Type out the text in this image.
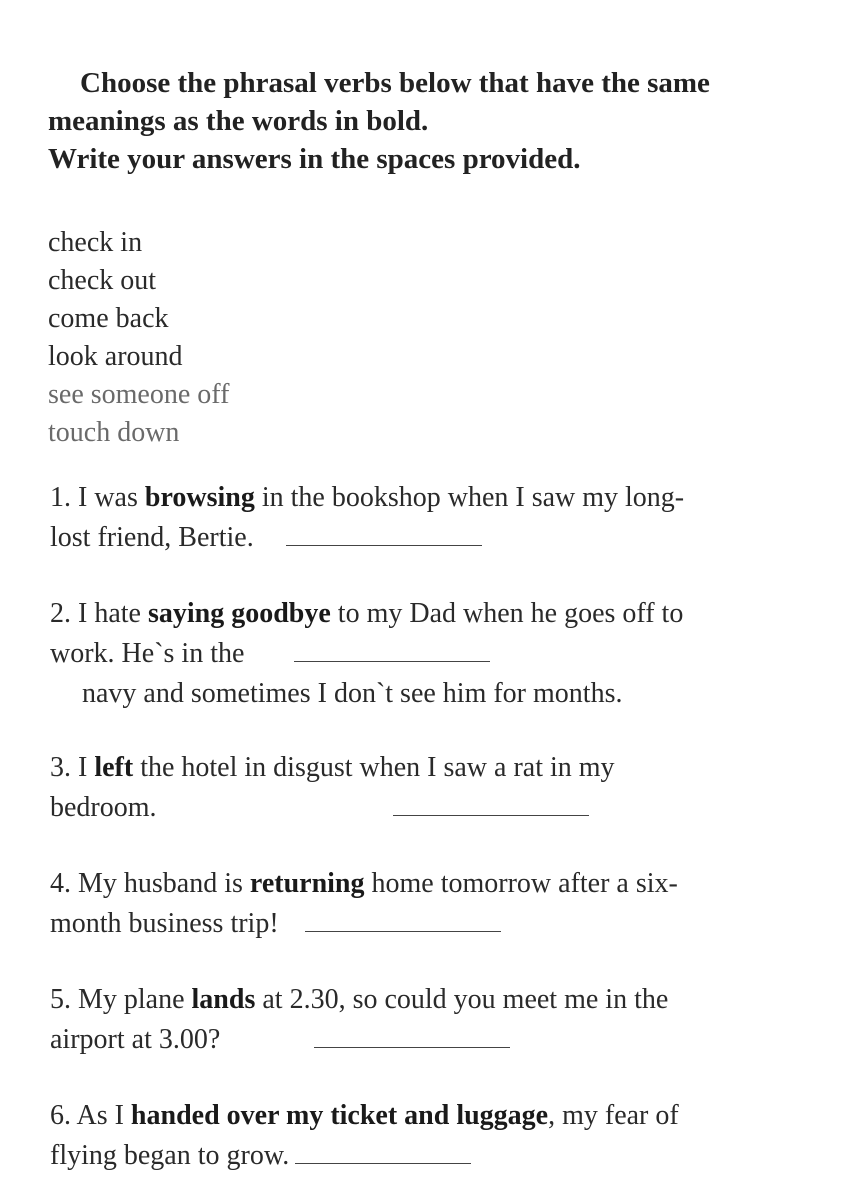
Choose the phrasal verbs below that have the same
meanings as the words in bold.
Write your answers in the spaces provided.
check in
check out
come back
look around
see someone off
touch down
1. I was browsing in the bookshop when I saw my long-
lost friend, Bertie.
2. I hate saying goodbye to my Dad when he goes off to
work. He`s in the
navy and sometimes I don`t see him for months.
3. I left the hotel in disgust when I saw a rat in my
bedroom.
4. My husband is returning home tomorrow after a six-
month business trip!
5. My plane lands at 2.30, so could you meet me in the
airport at 3.00?
6. As I handed over my ticket and luggage, my fear of
flying began to grow.
